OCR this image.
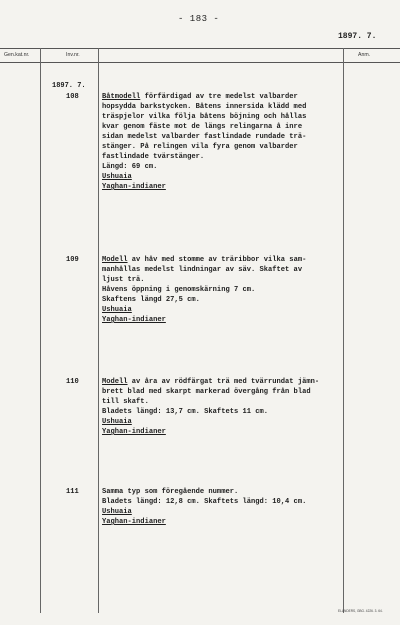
- 183 -
1897. 7.
Gen.kat.nr.	Inv.nr.	Anm.
1897. 7.
108	Båtmodell förfärdigad av tre medelst valbarder
hopsydda barkstycken. Båtens innersida klädd med
träspjelor vilka följa båtens böjning och hållas
kvar genom fäste mot de längs relingarna å inre
sidan medelst valbarder fastlindade rundade trä-
stänger. På relingen vila fyra genom valbarder
fastlindade tvärstänger.
Längd: 69 cm.
Ushuaia
Yaghan-indianer
109	Modell av håv med stomme av träribbor vilka sam-
manhållas medelst lindningar av säv. Skaftet av
ljust trä.
Håvens öppning i genomskärning 7 cm.
Skaftens längd 27,5 cm.
Ushuaia
Yaghan-indianer
110	Modell av åra av rödfärgat trä med tvärrundat jämn-
brett blad med skarpt markerad övergång från blad
till skaft.
Bladets längd: 13,7 cm. Skaftets 11 cm.
Ushuaia
Yaghan-indianer
111	Samma typ som föregående nummer.
Bladets längd: 12,8 cm. Skaftets längd: 10,4 cm.
Ushuaia
Yaghan-indianer
ELANDERS, GBG. 4226. 3. 64.
